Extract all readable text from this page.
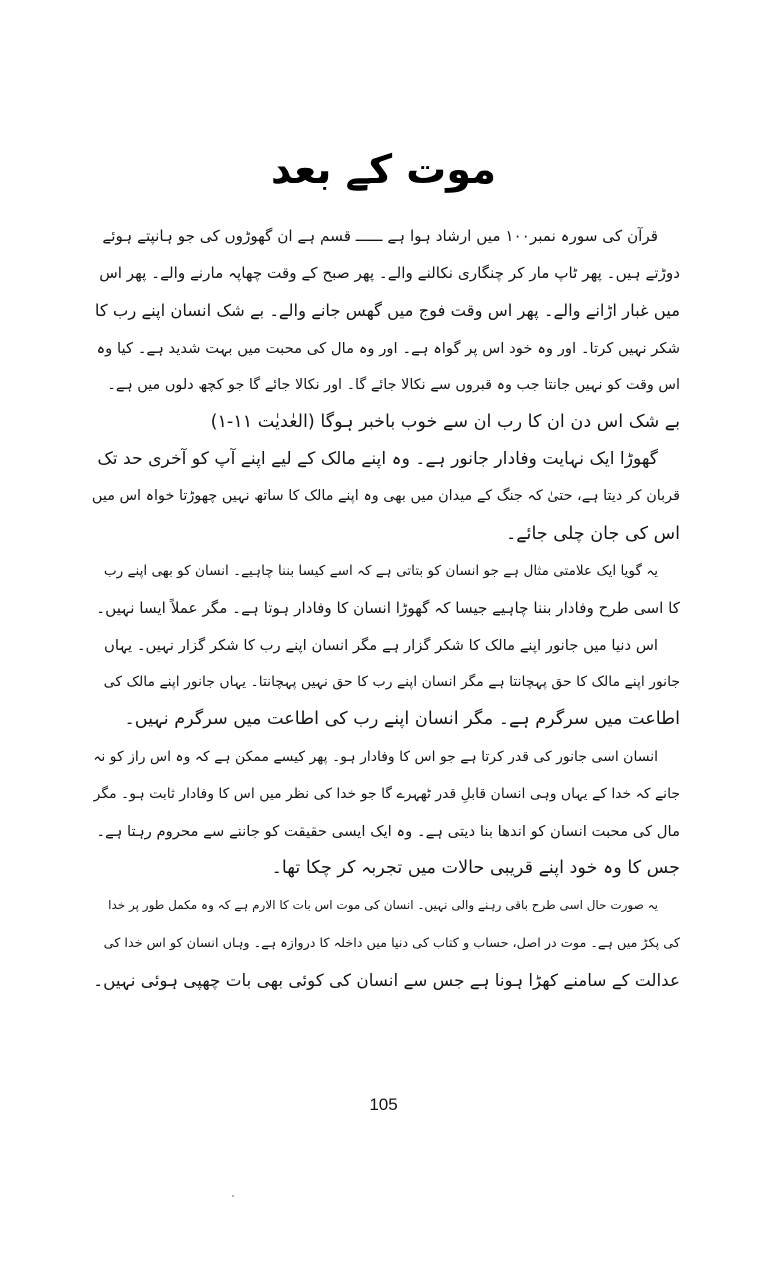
موت کے بعد
قرآن کی سورہ نمبر۱۰۰ میں ارشاد ہوا ہے ــــــ قسم ہے ان گھوڑوں کی جو ہانپتے ہوئے
دوڑتے ہیں۔ پھر ٹاپ مار کر چنگاری نکالنے والے۔ پھر صبح کے وقت چھاپہ مارنے والے۔ پھر اس
میں غبار اڑانے والے۔ پھر اس وقت فوج میں گھس جانے والے۔ بے شک انسان اپنے رب کا
شکر نہیں کرتا۔ اور وہ خود اس پر گواہ ہے۔ اور وہ مال کی محبت میں بہت شدید ہے۔ کیا وہ
اس وقت کو نہیں جانتا جب وہ قبروں سے نکالا جائے گا۔ اور نکالا جائے گا جو کچھ دلوں میں ہے۔
بے شک اس دن ان کا رب ان سے خوب باخبر ہوگا (العٰدیٰت ۱۱-۱)
گھوڑا ایک نہایت وفادار جانور ہے۔ وہ اپنے مالک کے لیے اپنے آپ کو آخری حد تک
قربان کر دیتا ہے، حتیٰ کہ جنگ کے میدان میں بھی وہ اپنے مالک کا ساتھ نہیں چھوڑتا خواہ اس میں
اس کی جان چلی جائے۔
یہ گویا ایک علامتی مثال ہے جو انسان کو بتاتی ہے کہ اسے کیسا بننا چاہیے۔ انسان کو بھی اپنے رب
کا اسی طرح وفادار بننا چاہیے جیسا کہ گھوڑا انسان کا وفادار ہوتا ہے۔ مگر عملاً ایسا نہیں۔
اس دنیا میں جانور اپنے مالک کا شکر گزار ہے مگر انسان اپنے رب کا شکر گزار نہیں۔ یہاں
جانور اپنے مالک کا حق پہچانتا ہے مگر انسان اپنے رب کا حق نہیں پہچانتا۔ یہاں جانور اپنے مالک کی
اطاعت میں سرگرم ہے۔ مگر انسان اپنے رب کی اطاعت میں سرگرم نہیں۔
انسان اسی جانور کی قدر کرتا ہے جو اس کا وفادار ہو۔ پھر کیسے ممکن ہے کہ وہ اس راز کو نہ
جانے کہ خدا کے یہاں وہی انسان قابلِ قدر ٹھہرے گا جو خدا کی نظر میں اس کا وفادار ثابت ہو۔ مگر
مال کی محبت انسان کو اندھا بنا دیتی ہے۔ وہ ایک ایسی حقیقت کو جاننے سے محروم رہتا ہے۔
جس کا وہ خود اپنے قریبی حالات میں تجربہ کر چکا تھا۔
یہ صورت حال اسی طرح باقی رہنے والی نہیں۔ انسان کی موت اس بات کا الارم ہے کہ وہ مکمل طور پر خدا
کی پکڑ میں ہے۔ موت در اصل، حساب و کتاب کی دنیا میں داخلہ کا دروازہ ہے۔ وہاں انسان کو اس خدا کی
عدالت کے سامنے کھڑا ہونا ہے جس سے انسان کی کوئی بھی بات چھپی ہوئی نہیں۔
105
